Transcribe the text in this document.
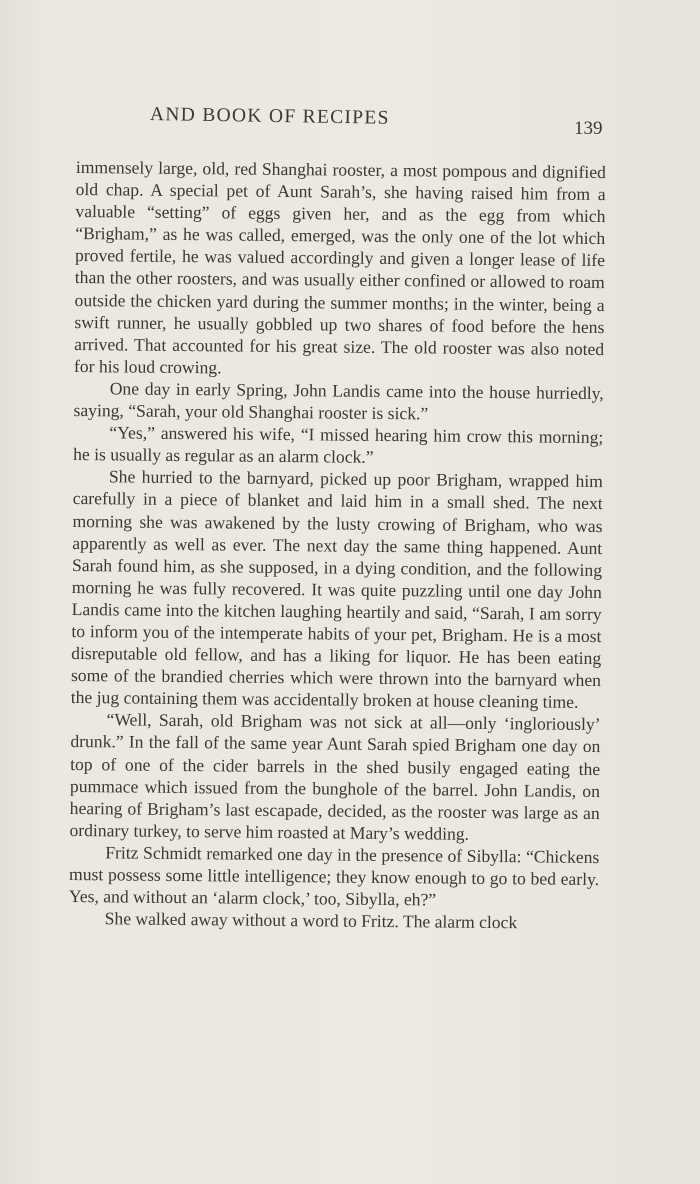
AND BOOK OF RECIPES	139

immensely large, old, red Shanghai rooster, a most pompous and dignified old chap. A special pet of Aunt Sarah’s, she having raised him from a valuable “setting” of eggs given her, and as the egg from which “Brigham,” as he was called, emerged, was the only one of the lot which proved fertile, he was valued accordingly and given a longer lease of life than the other roosters, and was usually either confined or allowed to roam outside the chicken yard during the summer months; in the winter, being a swift runner, he usually gobbled up two shares of food before the hens arrived. That accounted for his great size. The old rooster was also noted for his loud crowing.

One day in early Spring, John Landis came into the house hurriedly, saying, “Sarah, your old Shanghai rooster is sick.”

“Yes,” answered his wife, “I missed hearing him crow this morning; he is usually as regular as an alarm clock.”

She hurried to the barnyard, picked up poor Brigham, wrapped him carefully in a piece of blanket and laid him in a small shed. The next morning she was awakened by the lusty crowing of Brigham, who was apparently as well as ever. The next day the same thing happened. Aunt Sarah found him, as she supposed, in a dying condition, and the following morning he was fully recovered. It was quite puzzling until one day John Landis came into the kitchen laughing heartily and said, “Sarah, I am sorry to inform you of the intemperate habits of your pet, Brigham. He is a most disreputable old fellow, and has a liking for liquor. He has been eating some of the brandied cherries which were thrown into the barnyard when the jug containing them was accidentally broken at house cleaning time.

“Well, Sarah, old Brigham was not sick at all—only ‘ingloriously’ drunk.” In the fall of the same year Aunt Sarah spied Brigham one day on top of one of the cider barrels in the shed busily engaged eating the pummace which issued from the bunghole of the barrel. John Landis, on hearing of Brigham’s last escapade, decided, as the rooster was large as an ordinary turkey, to serve him roasted at Mary’s wedding.

Fritz Schmidt remarked one day in the presence of Sibylla: “Chickens must possess some little intelligence; they know enough to go to bed early. Yes, and without an ‘alarm clock,’ too, Sibylla, eh?”

She walked away without a word to Fritz. The alarm clock
